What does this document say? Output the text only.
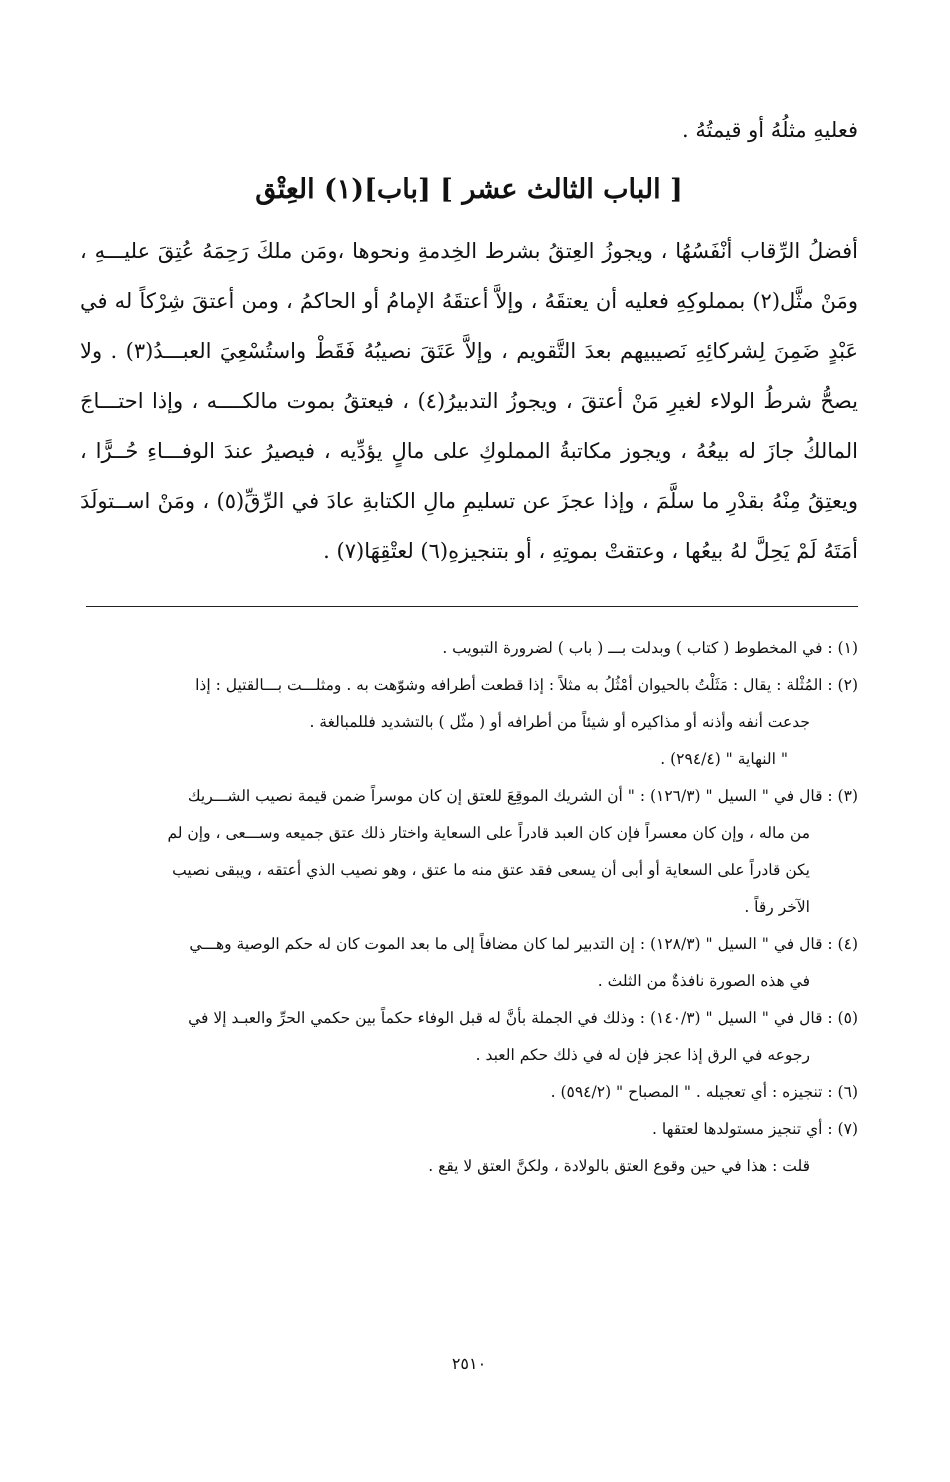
فعليهِ مثلُهُ أو قيمتُهُ .
[ الباب الثالث عشر ] [باب](١) العِتْق
أفضلُ الرِّقاب أنْفَسُهُا ، ويجوزُ العِتقُ بشرط الخِدمةِ ونحوها ،ومَن ملكَ رَحِمَهُ عُتِقَ عليـــهِ ،
ومَنْ مثَّل(٢) بمملوكِهِ فعليه أن يعتقَهُ ، وإلاَّ أعتقَهُ الإمامُ أو الحاكمُ ، ومن أعتقَ شِرْكاً له في
عَبْدٍ ضَمِنَ لِشركائِهِ نَصيبيهم بعدَ التَّقويم ، وإلاَّ عَتَقَ نصيبُهُ فَقَطْ واستُسْعِيَ العبـــدُ(٣) . ولا
يصحُّ شرطُ الولاء لغيرِ مَنْ أعتقَ ، ويجوزُ التدبيرُ(٤) ، فيعتقُ بموت مالكــــه ، وإذا احتـــاجَ
المالكُ جازَ له بيعُهُ ، ويجوز مكاتبةُ المملوكِ على مالٍ يؤدِّيه ، فيصيرُ عندَ الوفـــاءِ حُــرًّا ،
ويعتِقُ مِنْهُ بقدْرِ ما سلَّمَ ، وإذا عجزَ عن تسليمِ مالِ الكتابةِ عادَ في الرِّقِّ(٥) ، ومَنْ اســتولَدَ
أمَتَهُ لَمْ يَحِلَّ لهُ بيعُها ، وعتقتْ بموتِهِ ، أو بتنجيزهِ(٦) لعتْقِهَا(٧) .
(١) : في المخطوط ( كتاب ) وبدلت بـــ ( باب ) لضرورة التبويب .
(٢) : المُثْلة : يقال : مَثَلْتُ بالحيوان أمْثُلُ به مثلاً : إذا قطعت أطرافه وشوّهت به . ومثلـــت بـــالقتيل : إذا
جدعت أنفه وأذنه أو مذاكيره أو شيئاً من أطرافه أو ( مثّل ) بالتشديد فللمبالغة .
" النهاية " (٢٩٤/٤) .
(٣) : قال في " السيل " (١٢٦/٣) : " أن الشريك الموقِعَ للعتق إن كان موسراً ضمن قيمة نصيب الشـــريك
من ماله ، وإن كان معسراً فإن كان العبد قادراً على السعاية واختار ذلك عتق جميعه وســـعى ، وإن لم
يكن قادراً على السعاية أو أبى أن يسعى فقد عتق منه ما عتق ، وهو نصيب الذي أعتقه ، ويبقى نصيب
الآخر رقاً .
(٤) : قال في " السيل " (١٢٨/٣) : إن التدبير لما كان مضافاً إلى ما بعد الموت كان له حكم الوصية وهـــي
في هذه الصورة نافذةٌ من الثلث .
(٥) : قال في " السيل " (١٤٠/٣) : وذلك في الجملة بأنَّ له قبل الوفاء حكماً بين حكمي الحرِّ والعبـد إلا في
رجوعه في الرق إذا عجز فإن له في ذلك حكم العبد .
(٦) : تنجيزه : أي تعجيله . " المصباح " (٥٩٤/٢) .
(٧) : أي تنجيز مستولدها لعتقها .
قلت : هذا في حين وقوع العتق بالولادة ، ولكنَّ العتق لا يقع .
٢٥١٠
